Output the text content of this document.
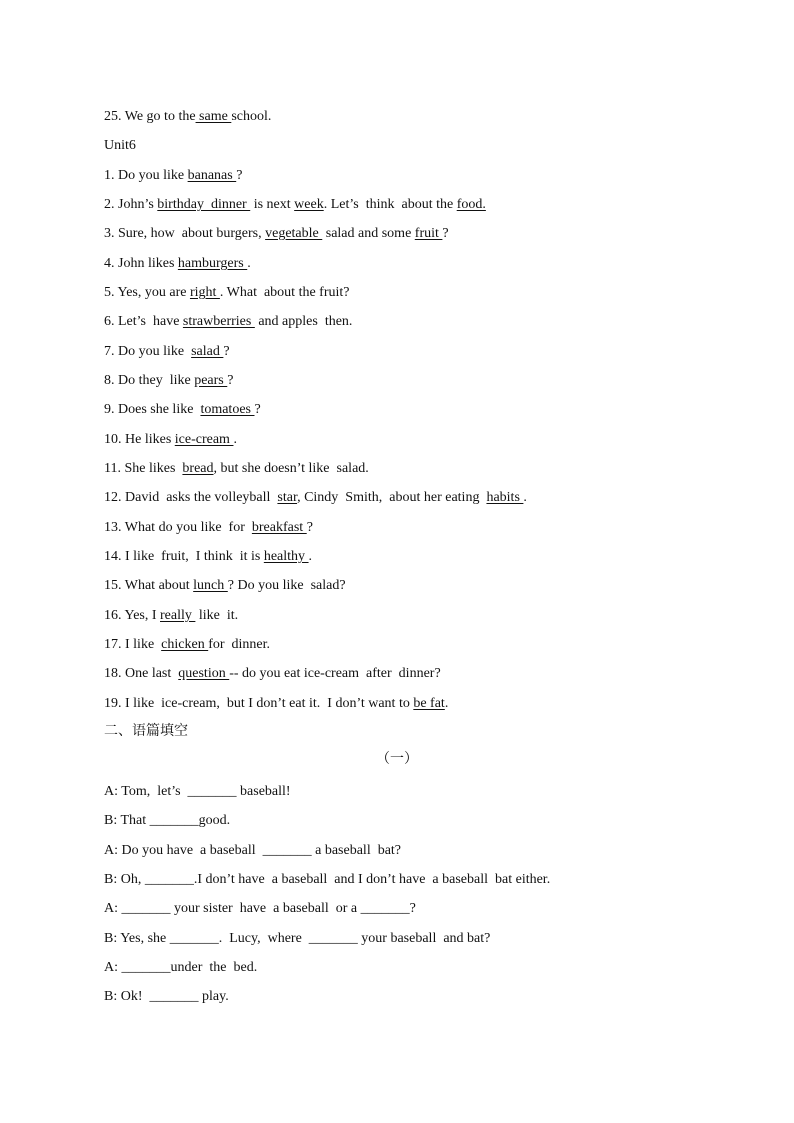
25. We go to the same school.
Unit6
1. Do you like bananas ?
2. John’s birthday  dinner  is next week. Let’s  think  about the food.
3. Sure, how  about burgers, vegetable  salad and some fruit ?
4. John likes hamburgers .
5. Yes, you are right . What  about the fruit?
6. Let’s  have strawberries  and apples  then.
7. Do you like  salad ?
8. Do they  like pears ?
9. Does she like  tomatoes ?
10. He likes ice-cream .
11. She likes  bread, but she doesn’t like  salad.
12. David  asks the volleyball  star, Cindy  Smith,  about her eating  habits .
13. What do you like  for  breakfast ?
14. I like  fruit,  I think  it is healthy .
15. What about lunch ? Do you like  salad?
16. Yes, I really  like  it.
17. I like  chicken for  dinner.
18. One last  question -- do you eat ice-cream  after  dinner?
19. I like  ice-cream,  but I don’t eat it.  I don’t want to be fat.
二、语篇填空
（一）
A: Tom,  let’s  _______ baseball!
B: That _______good.
A: Do you have  a baseball  _______ a baseball  bat?
B: Oh, _______.I don’t have  a baseball  and I don’t have  a baseball  bat either.
A: _______ your sister  have  a baseball  or a _______?
B: Yes, she _______.  Lucy,  where  _______ your baseball  and bat?
A: _______under  the  bed.
B: Ok!  _______ play.
